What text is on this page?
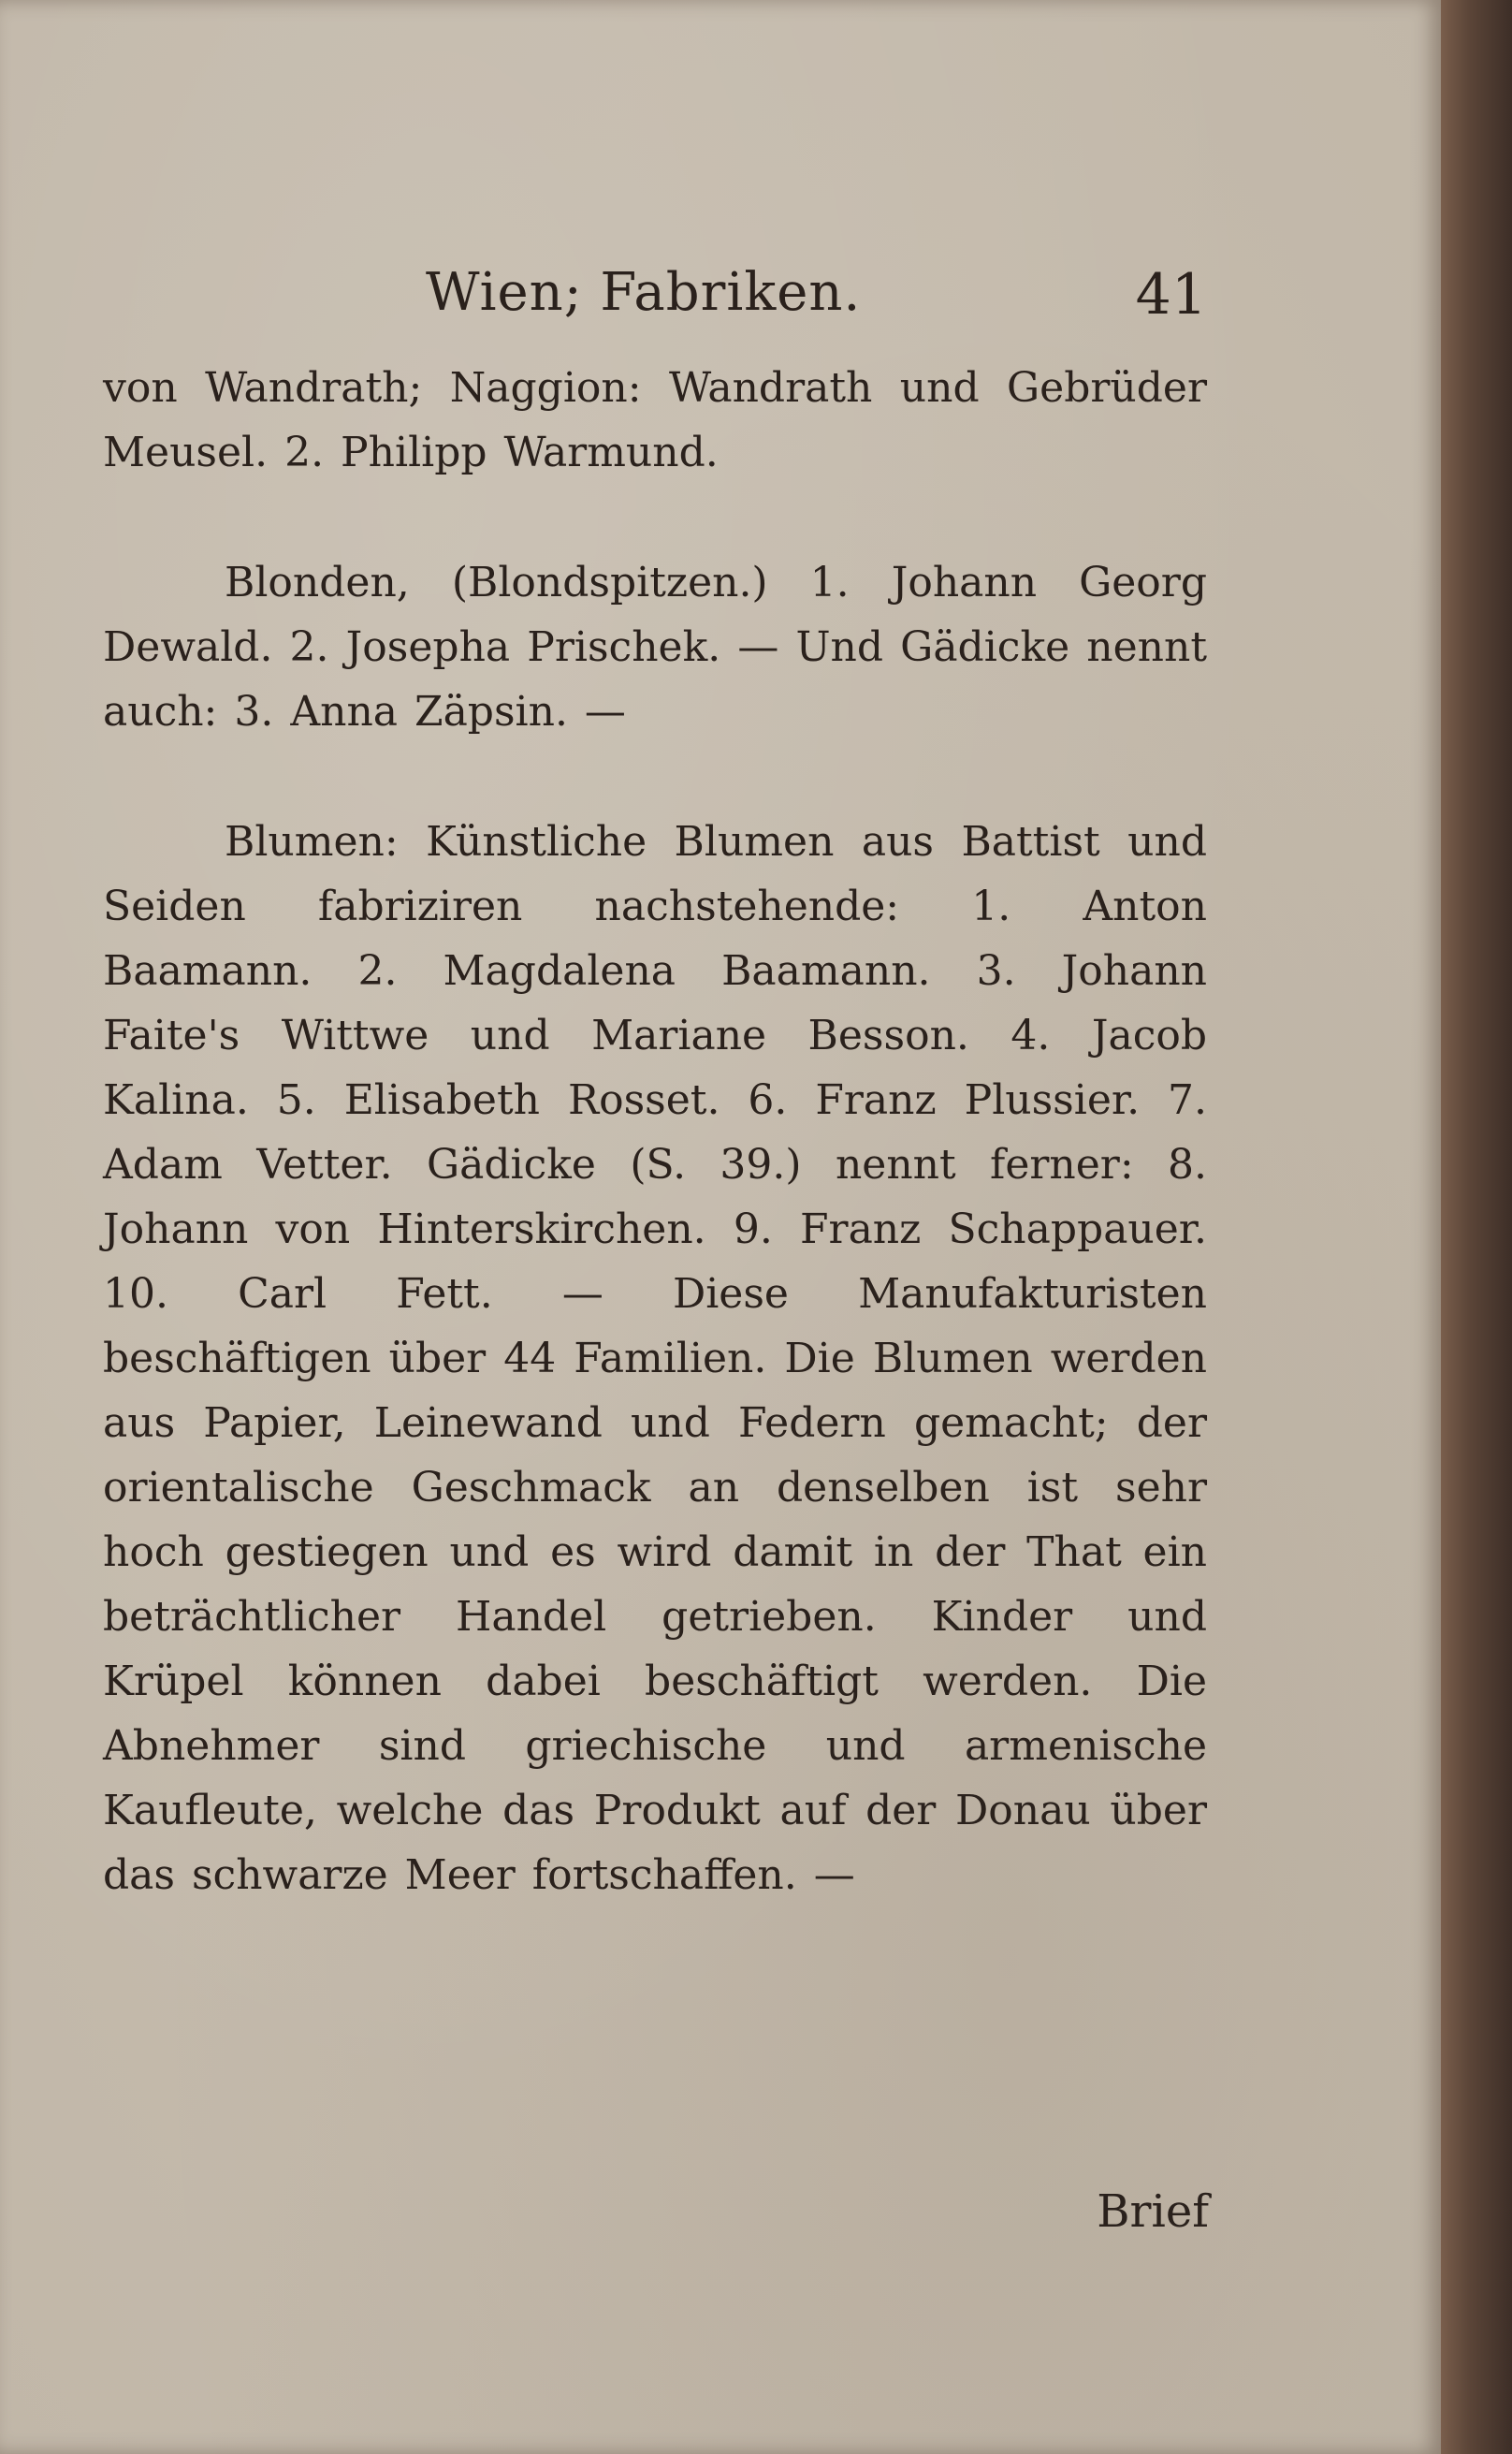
Wien; Fabriken.	41

von Wandrath; Naggion: Wandrath und Gebrüder Meusel. 2. Philipp Warmund.

Blonden, (Blondspitzen.) 1. Johann Georg Dewald. 2. Josepha Prischek. — Und Gädicke nennt auch: 3. Anna Zäpsin. —

Blumen: Künstliche Blumen aus Battist und Seiden fabriziren nachstehende: 1. Anton Baamann. 2. Magdalena Baamann. 3. Johann Faite's Wittwe und Mariane Besson. 4. Jacob Kalina. 5. Elisabeth Rosset. 6. Franz Plussier. 7. Adam Vetter. Gädicke (S. 39.) nennt ferner: 8. Johann von Hinterskirchen. 9. Franz Schappauer. 10. Carl Fett. — Diese Manufakturisten beschäftigen über 44 Familien. Die Blumen werden aus Papier, Leinewand und Federn gemacht; der orientalische Geschmack an denselben ist sehr hoch gestiegen und es wird damit in der That ein beträchtlicher Handel getrieben. Kinder und Krüpel können dabei beschäftigt werden. Die Abnehmer sind griechische und armenische Kaufleute, welche das Produkt auf der Donau über das schwarze Meer fortschaffen. —

Brief
